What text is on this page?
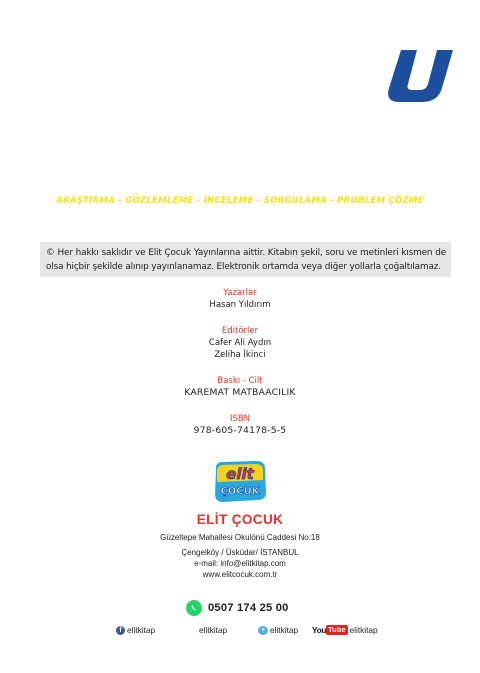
ARAŞTIRMA - GÖZLEMLEME - İNCELEME - SORGULAMA - PROBLEM ÇÖZME
© Her hakkı saklıdır ve Elit Çocuk Yayınlarına aittir. Kitabın şekil, soru ve metinleri kısmen de olsa hiçbir şekilde alınıp yayınlanamaz. Elektronik ortamda veya diğer yollarla çoğaltılamaz.
Yazarlar
Hasan Yıldırım
Editörler
Cafer Ali Aydın
Zeliha İkinci
Baskı - Cilt
KAREMAT MATBAACILIK
ISBN
978-605-74178-5-5
elit
ÇOCUK
ELİT ÇOCUK
Güzeltepe Mahallesi Okulönü Caddesi No:18
Çengelköy / Üsküdar/ İSTANBUL
e-mail: info@elitkitap.com
www.elitcocuk.com.tr
0507 174 25 00
f elitkitap	elitkitap	● elitkitap You Tube elitkitap
